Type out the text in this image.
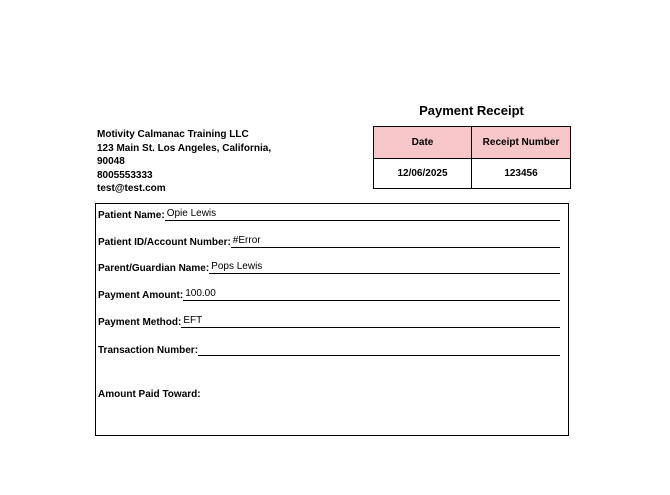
Payment Receipt
Motivity Calmanac Training LLC
123 Main St. Los Angeles, California,
90048
8005553333
test@test.com
Date	Receipt Number
12/06/2025	123456
Patient Name: Opie Lewis
Patient ID/Account Number: #Error
Parent/Guardian Name: Pops Lewis
Payment Amount: 100.00
Payment Method: EFT
Transaction Number:
Amount Paid Toward:
